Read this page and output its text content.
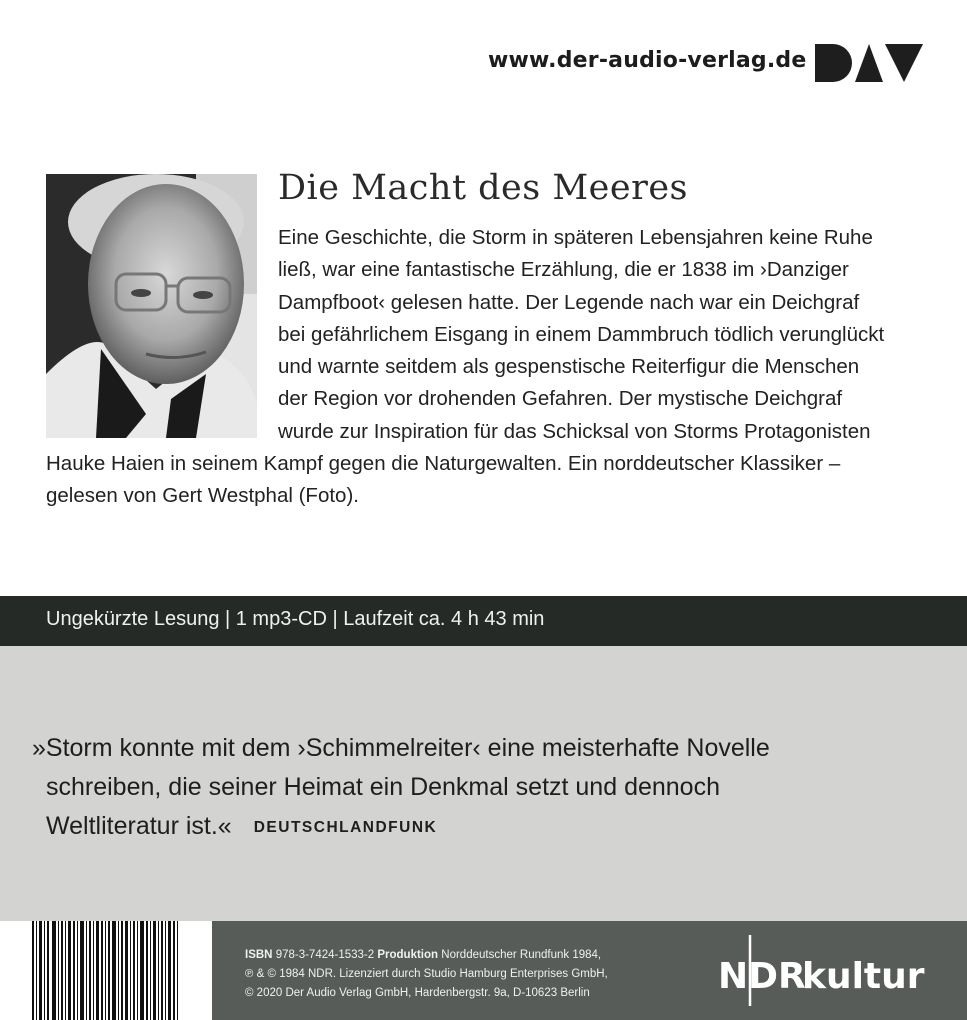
www.der-audio-verlag.de
Die Macht des Meeres
Eine Geschichte, die Storm in späteren Lebensjahren keine Ruhe
ließ, war eine fantastische Erzählung, die er 1838 im ›Danziger
Dampfboot‹ gelesen hatte. Der Legende nach war ein Deichgraf
bei gefährlichem Eisgang in einem Dammbruch tödlich verunglückt
und warnte seitdem als gespenstische Reiterfigur die Menschen
der Region vor drohenden Gefahren. Der mystische Deichgraf
wurde zur Inspiration für das Schicksal von Storms Protagonisten
Hauke Haien in seinem Kampf gegen die Naturgewalten. Ein norddeutscher Klassiker –
gelesen von Gert Westphal (Foto).
Ungekürzte Lesung | 1 mp3-CD | Laufzeit ca. 4 h 43 min
»Storm konnte mit dem ›Schimmelreiter‹ eine meisterhafte Novelle
schreiben, die seiner Heimat ein Denkmal setzt und dennoch
Weltliteratur ist.« DEUTSCHLANDFUNK
ISBN 978-3-7424-1533-2 Produktion Norddeutscher Rundfunk 1984,
℗ & © 1984 NDR. Lizenziert durch Studio Hamburg Enterprises GmbH,
© 2020 Der Audio Verlag GmbH, Hardenbergstr. 9a, D-10623 Berlin	NDR
kultur
